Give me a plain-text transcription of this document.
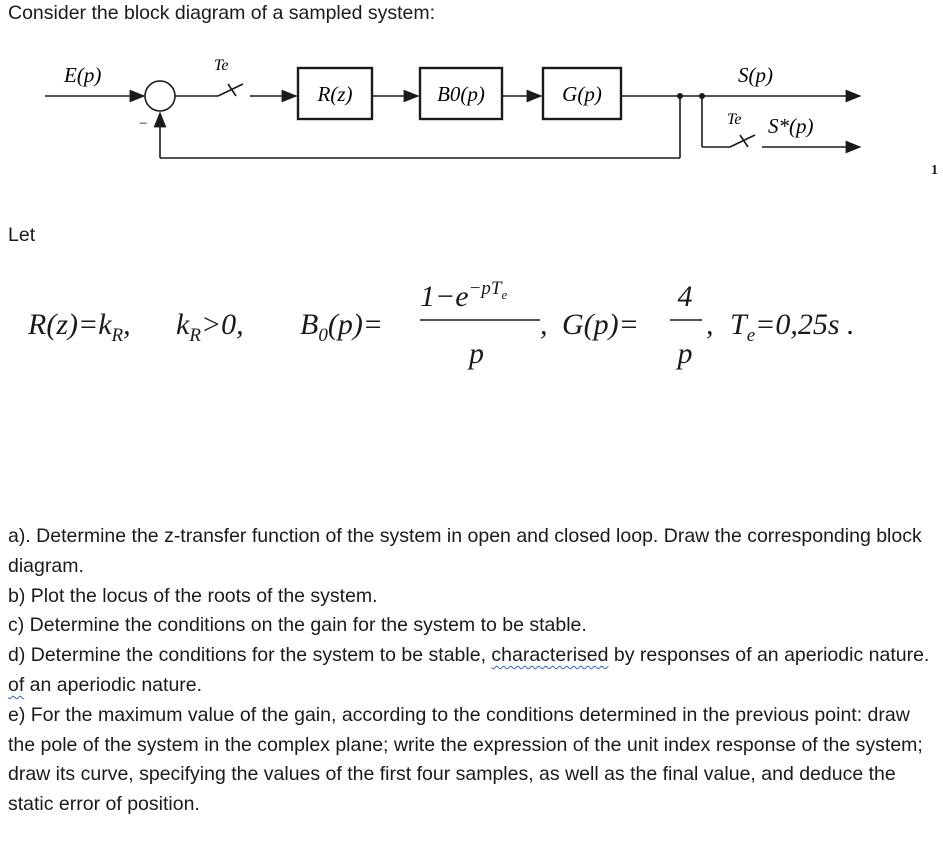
Consider the block diagram of a sampled system:
E(p)
−
Te
R(z)	B0(p)	G(p)
S(p)
Te S*(p)
1
Let
$R(z)=k_R$, $k_R>0$, $B_0(p)=$
$1-e^{-pT}e$
p
, G(p)=
4
p
, $T_e=0,25s$ .

a). Determine the z-transfer function of the system in open and closed loop. Draw the corresponding block diagram.

b) Plot the locus of the roots of the system.

c) Determine the conditions on the gain for the system to be stable.

d) Determine the conditions for the system to be stable, characterised by responses of an aperiodic nature.

of an aperiodic nature.

e) For the maximum value of the gain, according to the conditions determined in the previous point: draw the pole of the system in the complex plane; write the expression of the unit index response of the system; draw its curve, specifying the values of the first four samples, as well as the final value, and deduce the static error of position.
